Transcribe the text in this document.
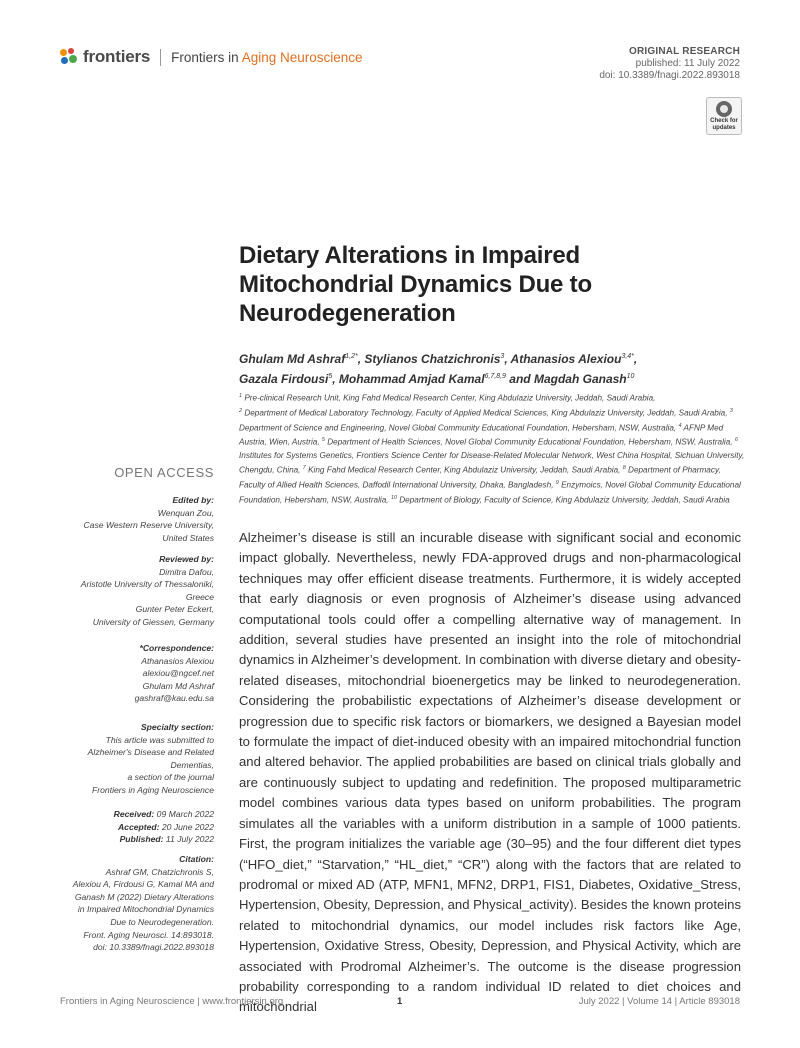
frontiers Frontiers in Aging Neuroscience	ORIGINAL RESEARCH
published: 11 July 2022
doi: 10.3389/fnagi.2022.893018
Check for
updates
Dietary Alterations in Impaired
Mitochondrial Dynamics Due to
Neurodegeneration
Ghulam Md Ashraf$^{1,2*}$, Stylianos Chatzichronis$^3$, Athanasios Alexiou$^{3,4*}$,
Gazala Firdousi$^5$, Mohammad Amjad Kamal$^{6,7,8,9}$ and Magdah Ganash$^{10}$
$^1$ Pre-clinical Research Unit, King Fahd Medical Research Center, King Abdulaziz University, Jeddah, Saudi Arabia,
$^2$ Department of Medical Laboratory Technology, Faculty of Applied Medical Sciences, King Abdulaziz University, Jeddah, Saudi Arabia, $^3$ Department of Science and Engineering, Novel Global Community Educational Foundation, Hebersham, NSW, Australia, $^4$ AFNP Med Austria, Wien, Austria, $^5$ Department of Health Sciences, Novel Global Community Educational Foundation, Hebersham, NSW, Australia, $^6$ Institutes for Systems Genetics, Frontiers Science Center for Disease-Related Molecular Network, West China Hospital, Sichuan University, Chengdu, China, $^7$ King Fahd Medical Research Center, King Abdulaziz University, Jeddah, Saudi Arabia, $^8$ Department of Pharmacy, Faculty of Allied Health Sciences, Daffodil International University, Dhaka, Bangladesh, $^9$ Enzymoics, Novel Global Community Educational Foundation, Hebersham, NSW, Australia, $^{10}$ Department of Biology, Faculty of Science, King Abdulaziz University, Jeddah, Saudi Arabia
OPEN ACCESS
Edited by:
Wenquan Zou,
Case Western Reserve University,
United States
Reviewed by:
Dimitra Dafou,
Aristotle University of Thessaloniki,
Greece
Gunter Peter Eckert,
University of Giessen, Germany
*Correspondence:
Athanasios Alexiou
alexiou@ngcef.net
Ghulam Md Ashraf
gashraf@kau.edu.sa
Specialty section:
This article was submitted to
Alzheimer's Disease and Related
Dementias,
a section of the journal
Frontiers in Aging Neuroscience
Received: 09 March 2022
Accepted: 20 June 2022
Published: 11 July 2022
Citation:
Ashraf GM, Chatzichronis S,
Alexiou A, Firdousi G, Kamal MA and
Ganash M (2022) Dietary Alterations
in Impaired Mitochondrial Dynamics
Due to Neurodegeneration.
Front. Aging Neurosci. 14:893018.
doi: 10.3389/fnagi.2022.893018
Alzheimer’s disease is still an incurable disease with significant social and economic impact globally. Nevertheless, newly FDA-approved drugs and non-pharmacological techniques may offer efficient disease treatments. Furthermore, it is widely accepted that early diagnosis or even prognosis of Alzheimer’s disease using advanced computational tools could offer a compelling alternative way of management. In addition, several studies have presented an insight into the role of mitochondrial dynamics in Alzheimer’s development. In combination with diverse dietary and obesity-related diseases, mitochondrial bioenergetics may be linked to neurodegeneration. Considering the probabilistic expectations of Alzheimer’s disease development or progression due to specific risk factors or biomarkers, we designed a Bayesian model to formulate the impact of diet-induced obesity with an impaired mitochondrial function and altered behavior. The applied probabilities are based on clinical trials globally and are continuously subject to updating and redefinition. The proposed multiparametric model combines various data types based on uniform probabilities. The program simulates all the variables with a uniform distribution in a sample of 1000 patients. First, the program initializes the variable age (30–95) and the four different diet types (“HFO_diet,” “Starvation,” “HL_diet,” “CR”) along with the factors that are related to prodromal or mixed AD (ATP, MFN1, MFN2, DRP1, FIS1, Diabetes, Oxidative_Stress, Hypertension, Obesity, Depression, and Physical_activity). Besides the known proteins related to mitochondrial dynamics, our model includes risk factors like Age, Hypertension, Oxidative Stress, Obesity, Depression, and Physical Activity, which are associated with Prodromal Alzheimer’s. The outcome is the disease progression probability corresponding to a random individual ID related to diet choices and mitochondrial
Frontiers in Aging Neuroscience | www.frontiersin.org	1	July 2022 | Volume 14 | Article 893018
